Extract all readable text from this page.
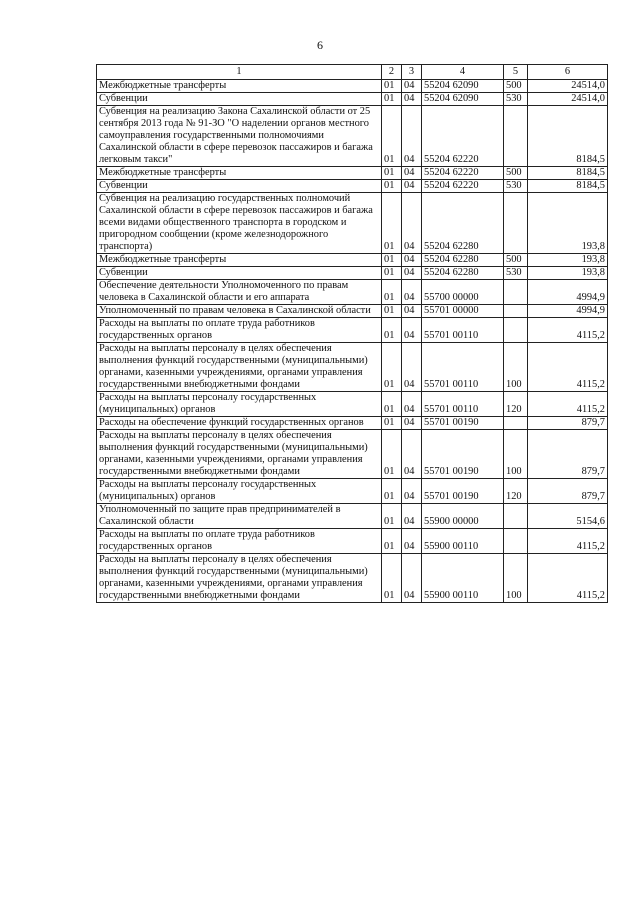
6
1	2	3	4	5	6
Межбюджетные трансферты	01	04	55204 62090	500	24514,0
Субвенции	01	04	55204 62090	530	24514,0
Субвенция на реализацию Закона Сахалинской области от 25 сентября 2013 года № 91-ЗО "О наделении органов местного самоуправления государственными полномочиями Сахалинской области в сфере перевозок пассажиров и багажа легковым такси"	01	04	55204 62220		8184,5
Межбюджетные трансферты	01	04	55204 62220	500	8184,5
Субвенции	01	04	55204 62220	530	8184,5
Субвенция на реализацию государственных полномочий Сахалинской области в сфере перевозок пассажиров и багажа всеми видами общественного транспорта в городском и пригородном сообщении (кроме железнодорожного транспорта)	01	04	55204 62280		193,8
Межбюджетные трансферты	01	04	55204 62280	500	193,8
Субвенции	01	04	55204 62280	530	193,8
Обеспечение деятельности Уполномоченного по правам человека в Сахалинской области и его аппарата	01	04	55700 00000		4994,9
Уполномоченный по правам человека в Сахалинской области	01	04	55701 00000		4994,9
Расходы на выплаты по оплате труда работников государственных органов	01	04	55701 00110		4115,2
Расходы на выплаты персоналу в целях обеспечения выполнения функций государственными (муниципальными) органами, казенными учреждениями, органами управления государственными внебюджетными фондами	01	04	55701 00110	100	4115,2
Расходы на выплаты персоналу государственных (муниципальных) органов	01	04	55701 00110	120	4115,2
Расходы на обеспечение функций государственных органов	01	04	55701 00190		879,7
Расходы на выплаты персоналу в целях обеспечения выполнения функций государственными (муниципальными) органами, казенными учреждениями, органами управления государственными внебюджетными фондами	01	04	55701 00190	100	879,7
Расходы на выплаты персоналу государственных (муниципальных) органов	01	04	55701 00190	120	879,7
Уполномоченный по защите прав предпринимателей в Сахалинской области	01	04	55900 00000		5154,6
Расходы на выплаты по оплате труда работников государственных органов	01	04	55900 00110		4115,2
Расходы на выплаты персоналу в целях обеспечения выполнения функций государственными (муниципальными) органами, казенными учреждениями, органами управления государственными внебюджетными фондами	01	04	55900 00110	100	4115,2
